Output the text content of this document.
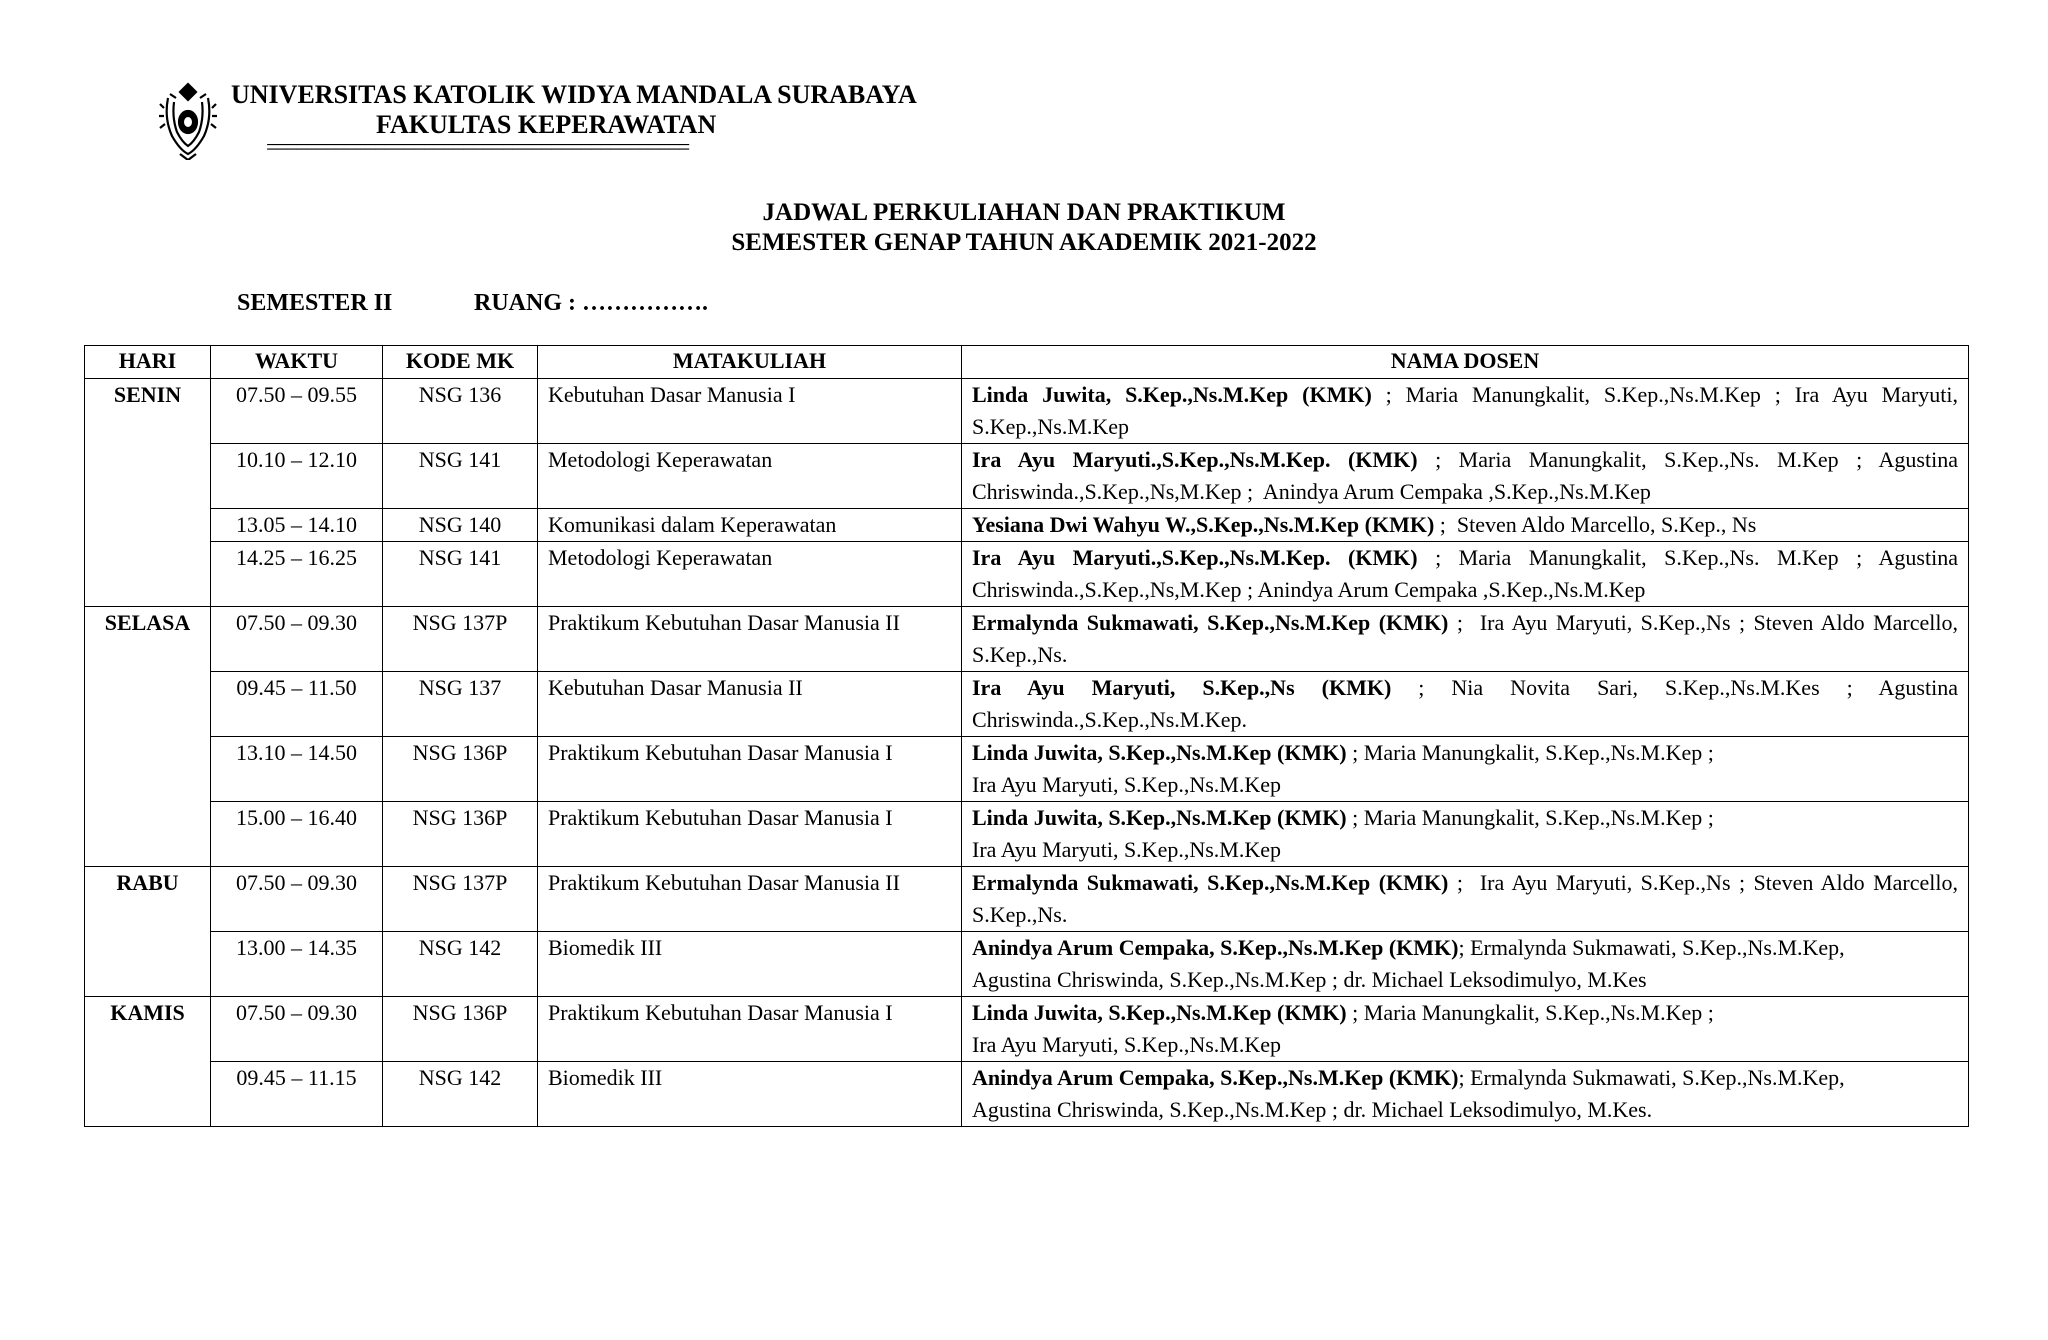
UNIVERSITAS KATOLIK WIDYA MANDALA SURABAYA
FAKULTAS KEPERAWATAN
===========================================
JADWAL PERKULIAHAN DAN PRAKTIKUM
SEMESTER GENAP TAHUN AKADEMIK 2021-2022
SEMESTER II	RUANG : …………….
HARI	WAKTU	KODE MK	MATAKULIAH	NAMA DOSEN
SENIN	07.50 – 09.55	NSG 136	Kebutuhan Dasar Manusia I	Linda Juwita, S.Kep.,Ns.M.Kep (KMK) ; Maria Manungkalit, S.Kep.,Ns.M.Kep ; Ira Ayu Maryuti, S.Kep.,Ns.M.Kep
	10.10 – 12.10	NSG 141	Metodologi Keperawatan	Ira Ayu Maryuti.,S.Kep.,Ns.M.Kep. (KMK) ; Maria Manungkalit, S.Kep.,Ns. M.Kep ; Agustina Chriswinda.,S.Kep.,Ns,M.Kep ;  Anindya Arum Cempaka ,S.Kep.,Ns.M.Kep
	13.05 – 14.10	NSG 140	Komunikasi dalam Keperawatan	Yesiana Dwi Wahyu W.,S.Kep.,Ns.M.Kep (KMK) ;  Steven Aldo Marcello, S.Kep., Ns
	14.25 – 16.25	NSG 141	Metodologi Keperawatan	Ira Ayu Maryuti.,S.Kep.,Ns.M.Kep. (KMK) ; Maria Manungkalit, S.Kep.,Ns. M.Kep ; Agustina Chriswinda.,S.Kep.,Ns,M.Kep ; Anindya Arum Cempaka ,S.Kep.,Ns.M.Kep
SELASA	07.50 – 09.30	NSG 137P	Praktikum Kebutuhan Dasar Manusia II	Ermalynda Sukmawati, S.Kep.,Ns.M.Kep (KMK) ;  Ira Ayu Maryuti, S.Kep.,Ns ; Steven Aldo Marcello, S.Kep.,Ns.
	09.45 – 11.50	NSG 137	Kebutuhan Dasar Manusia II	Ira Ayu Maryuti, S.Kep.,Ns (KMK) ; Nia Novita Sari, S.Kep.,Ns.M.Kes ; Agustina Chriswinda.,S.Kep.,Ns.M.Kep.
	13.10 – 14.50	NSG 136P	Praktikum Kebutuhan Dasar Manusia I	Linda Juwita, S.Kep.,Ns.M.Kep (KMK) ; Maria Manungkalit, S.Kep.,Ns.M.Kep ;
Ira Ayu Maryuti, S.Kep.,Ns.M.Kep
	15.00 – 16.40	NSG 136P	Praktikum Kebutuhan Dasar Manusia I	Linda Juwita, S.Kep.,Ns.M.Kep (KMK) ; Maria Manungkalit, S.Kep.,Ns.M.Kep ;
Ira Ayu Maryuti, S.Kep.,Ns.M.Kep
RABU	07.50 – 09.30	NSG 137P	Praktikum Kebutuhan Dasar Manusia II	Ermalynda Sukmawati, S.Kep.,Ns.M.Kep (KMK) ;  Ira Ayu Maryuti, S.Kep.,Ns ; Steven Aldo Marcello, S.Kep.,Ns.
	13.00 – 14.35	NSG 142	Biomedik III	Anindya Arum Cempaka, S.Kep.,Ns.M.Kep (KMK); Ermalynda Sukmawati, S.Kep.,Ns.M.Kep,
Agustina Chriswinda, S.Kep.,Ns.M.Kep ; dr. Michael Leksodimulyo, M.Kes
KAMIS	07.50 – 09.30	NSG 136P	Praktikum Kebutuhan Dasar Manusia I	Linda Juwita, S.Kep.,Ns.M.Kep (KMK) ; Maria Manungkalit, S.Kep.,Ns.M.Kep ;
Ira Ayu Maryuti, S.Kep.,Ns.M.Kep
	09.45 – 11.15	NSG 142	Biomedik III	Anindya Arum Cempaka, S.Kep.,Ns.M.Kep (KMK); Ermalynda Sukmawati, S.Kep.,Ns.M.Kep,
Agustina Chriswinda, S.Kep.,Ns.M.Kep ; dr. Michael Leksodimulyo, M.Kes.
